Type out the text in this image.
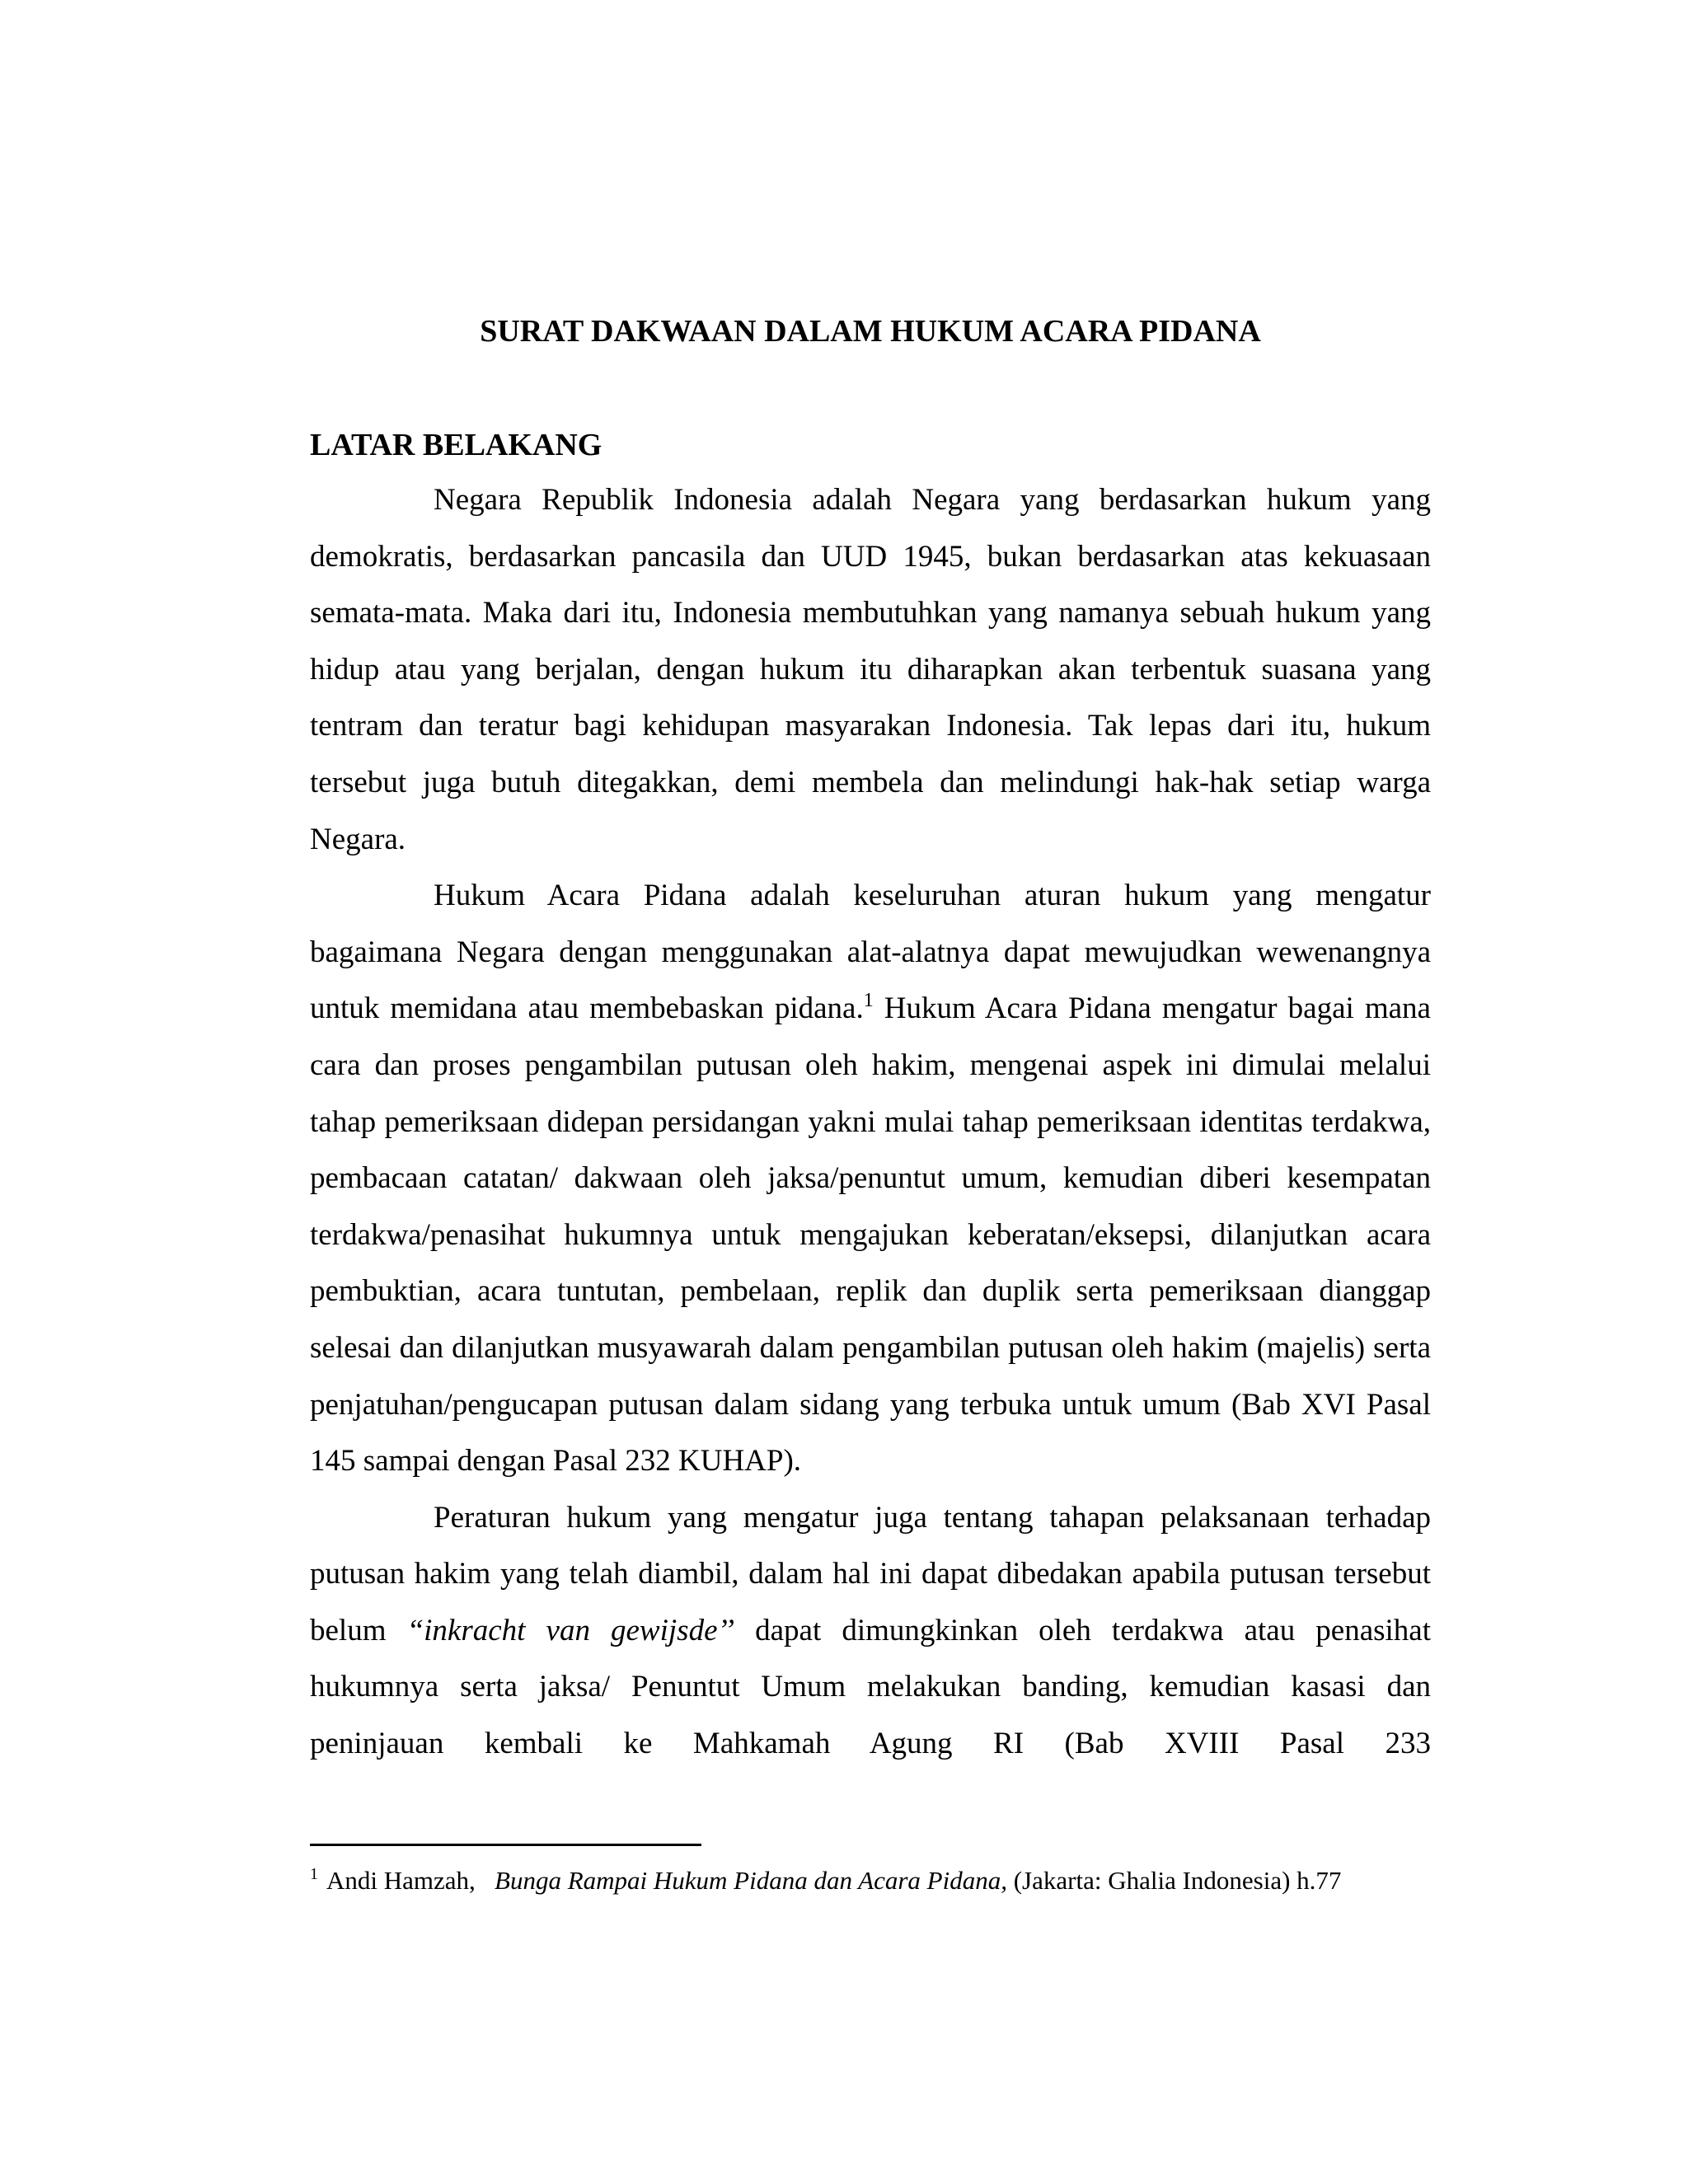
SURAT DAKWAAN DALAM HUKUM ACARA PIDANA
LATAR BELAKANG

Negara Republik Indonesia adalah Negara yang berdasarkan hukum yang demokratis, berdasarkan pancasila dan UUD 1945, bukan berdasarkan atas kekuasaan semata-mata. Maka dari itu, Indonesia membutuhkan yang namanya sebuah hukum yang hidup atau yang berjalan, dengan hukum itu diharapkan akan terbentuk suasana yang tentram dan teratur bagi kehidupan masyarakan Indonesia. Tak lepas dari itu, hukum tersebut juga butuh ditegakkan, demi membela dan melindungi hak-hak setiap warga Negara.

Hukum Acara Pidana adalah keseluruhan aturan hukum yang mengatur bagaimana Negara dengan menggunakan alat-alatnya dapat mewujudkan wewenangnya untuk memidana atau membebaskan pidana.$^1$ Hukum Acara Pidana mengatur bagai mana cara dan proses pengambilan putusan oleh hakim, mengenai aspek ini dimulai melalui tahap pemeriksaan didepan persidangan yakni mulai tahap pemeriksaan identitas terdakwa, pembacaan catatan/ dakwaan oleh jaksa/penuntut umum, kemudian diberi kesempatan terdakwa/penasihat hukumnya untuk mengajukan keberatan/eksepsi, dilanjutkan acara pembuktian, acara tuntutan, pembelaan, replik dan duplik serta pemeriksaan dianggap selesai dan dilanjutkan musyawarah dalam pengambilan putusan oleh hakim (majelis) serta penjatuhan/pengucapan putusan dalam sidang yang terbuka untuk umum (Bab XVI Pasal 145 sampai dengan Pasal 232 KUHAP).

Peraturan hukum yang mengatur juga tentang tahapan pelaksanaan terhadap putusan hakim yang telah diambil, dalam hal ini dapat dibedakan apabila putusan tersebut belum “inkracht van gewijsde’’ dapat dimungkinkan oleh terdakwa atau penasihat hukumnya serta jaksa/ Penuntut Umum melakukan banding, kemudian kasasi dan peninjauan kembali ke Mahkamah Agung RI (Bab XVIII Pasal 233

$^1$ Andi Hamzah, Bunga Rampai Hukum Pidana dan Acara Pidana, (Jakarta: Ghalia Indonesia) h.77
